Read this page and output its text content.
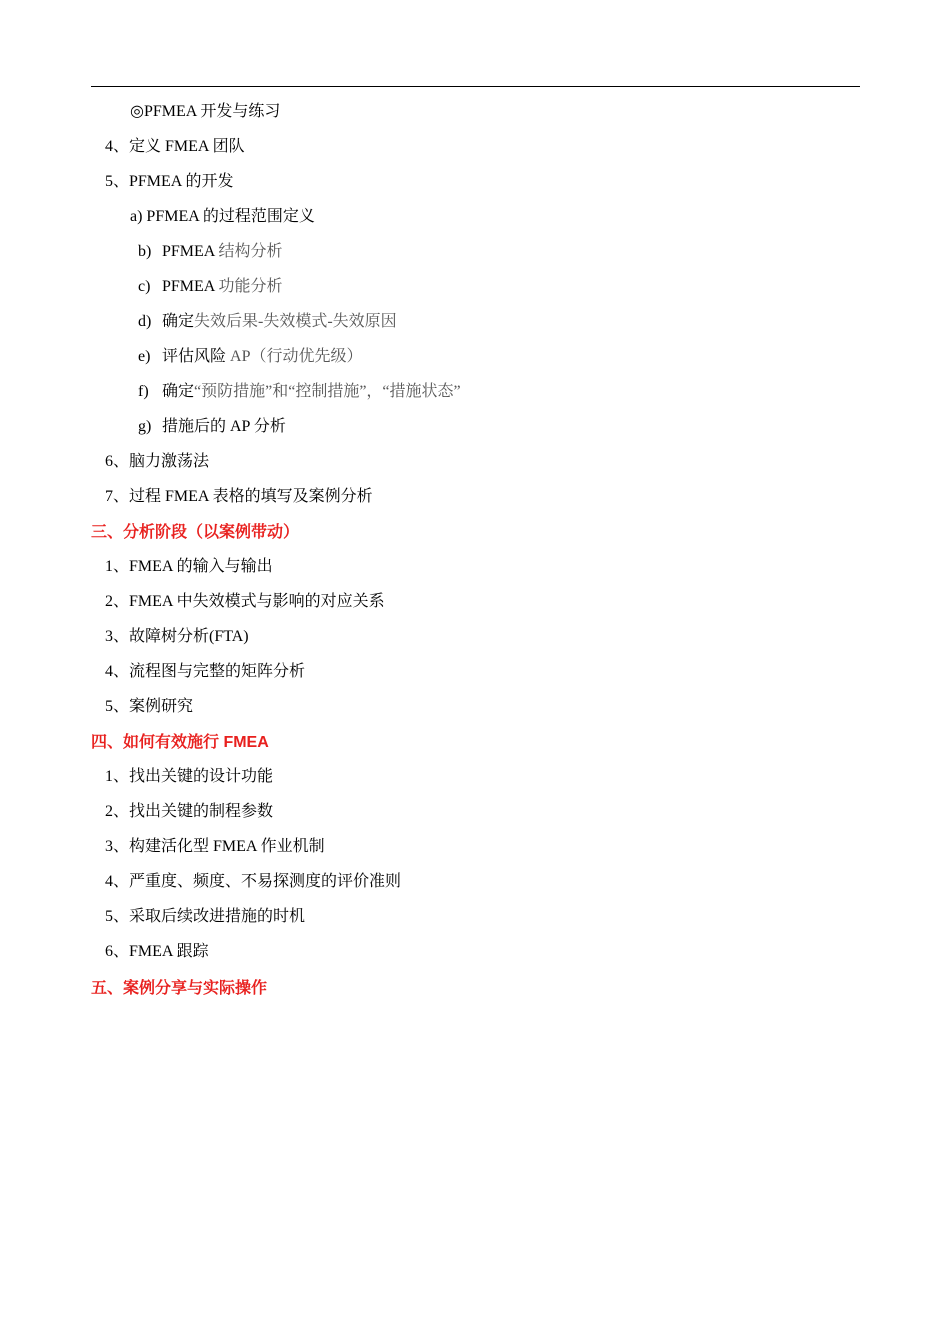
◎PFMEA 开发与练习
4、定义 FMEA 团队
5、PFMEA 的开发
a) PFMEA 的过程范围定义
b) PFMEA 结构分析
c) PFMEA 功能分析
d) 确定失效后果-失效模式-失效原因
e) 评估风险 AP（行动优先级）
f) 确定“预防措施”和“控制措施”，“措施状态”
g) 措施后的 AP 分析
6、脑力激荡法
7、过程 FMEA 表格的填写及案例分析
三、分析阶段（以案例带动）
1、FMEA 的输入与输出
2、FMEA 中失效模式与影响的对应关系
3、故障树分析(FTA)
4、流程图与完整的矩阵分析
5、案例研究
四、如何有效施行 FMEA
1、找出关键的设计功能
2、找出关键的制程参数
3、构建活化型 FMEA 作业机制
4、严重度、频度、不易探测度的评价准则
5、采取后续改进措施的时机
6、FMEA 跟踪
五、案例分享与实际操作
